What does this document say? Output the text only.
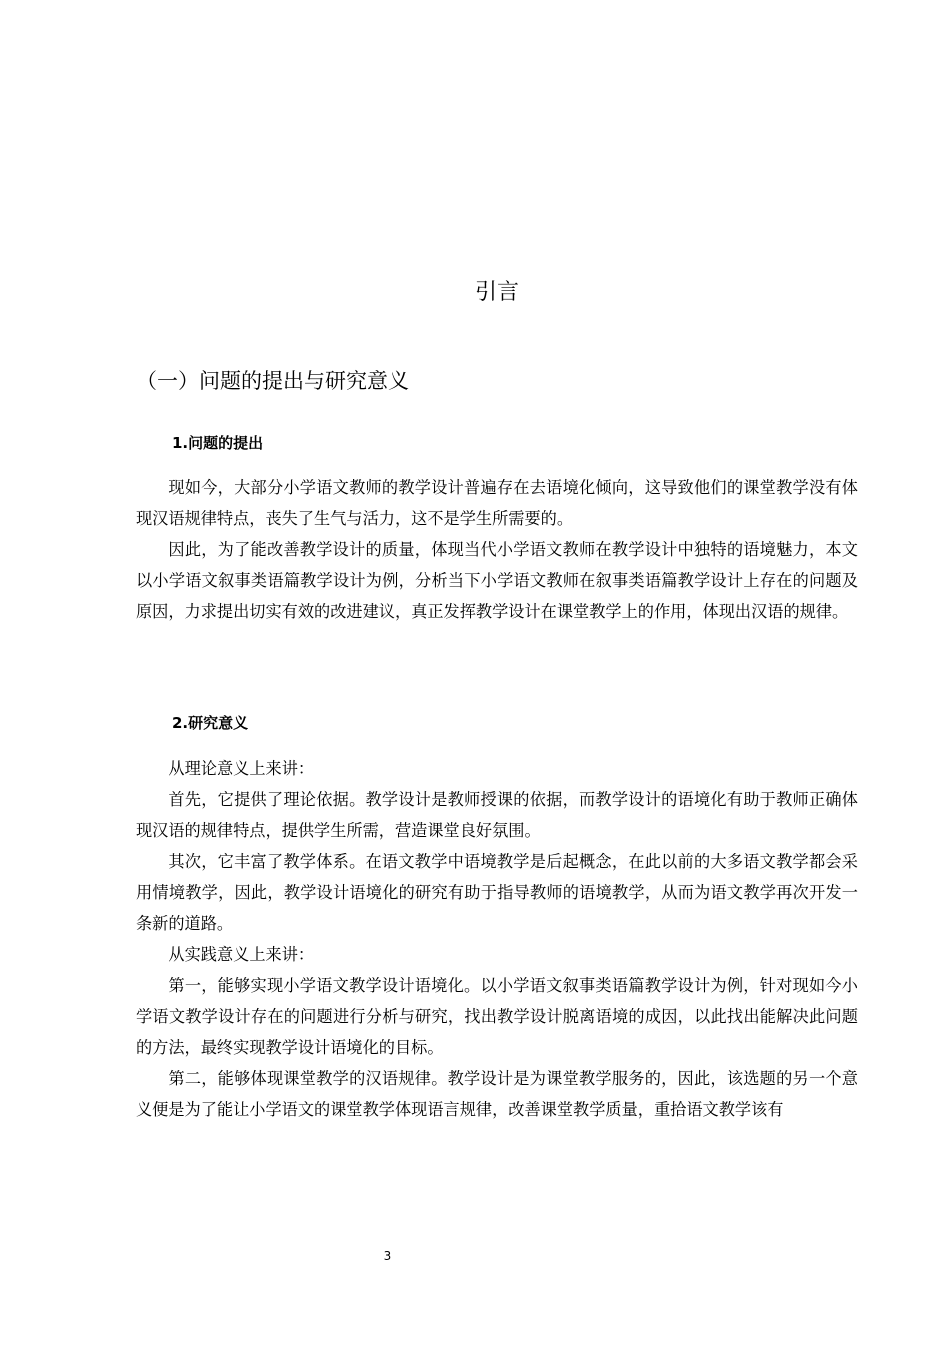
引言
（一）问题的提出与研究意义
1.问题的提出

现如今，大部分小学语文教师的教学设计普遍存在去语境化倾向，这导致他们的课堂教学没有体现汉语规律特点，丧失了生气与活力，这不是学生所需要的。

因此，为了能改善教学设计的质量，体现当代小学语文教师在教学设计中独特的语境魅力，本文以小学语文叙事类语篇教学设计为例，分析当下小学语文教师在叙事类语篇教学设计上存在的问题及原因，力求提出切实有效的改进建议，真正发挥教学设计在课堂教学上的作用，体现出汉语的规律。

2.研究意义

从理论意义上来讲：

首先，它提供了理论依据。教学设计是教师授课的依据，而教学设计的语境化有助于教师正确体现汉语的规律特点，提供学生所需，营造课堂良好氛围。

其次，它丰富了教学体系。在语文教学中语境教学是后起概念，在此以前的大多语文教学都会采用情境教学，因此，教学设计语境化的研究有助于指导教师的语境教学，从而为语文教学再次开发一条新的道路。

从实践意义上来讲：

第一，能够实现小学语文教学设计语境化。以小学语文叙事类语篇教学设计为例，针对现如今小学语文教学设计存在的问题进行分析与研究，找出教学设计脱离语境的成因，以此找出能解决此问题的方法，最终实现教学设计语境化的目标。

第二，能够体现课堂教学的汉语规律。教学设计是为课堂教学服务的，因此，该选题的另一个意义便是为了能让小学语文的课堂教学体现语言规律，改善课堂教学质量，重拾语文教学该有

3
